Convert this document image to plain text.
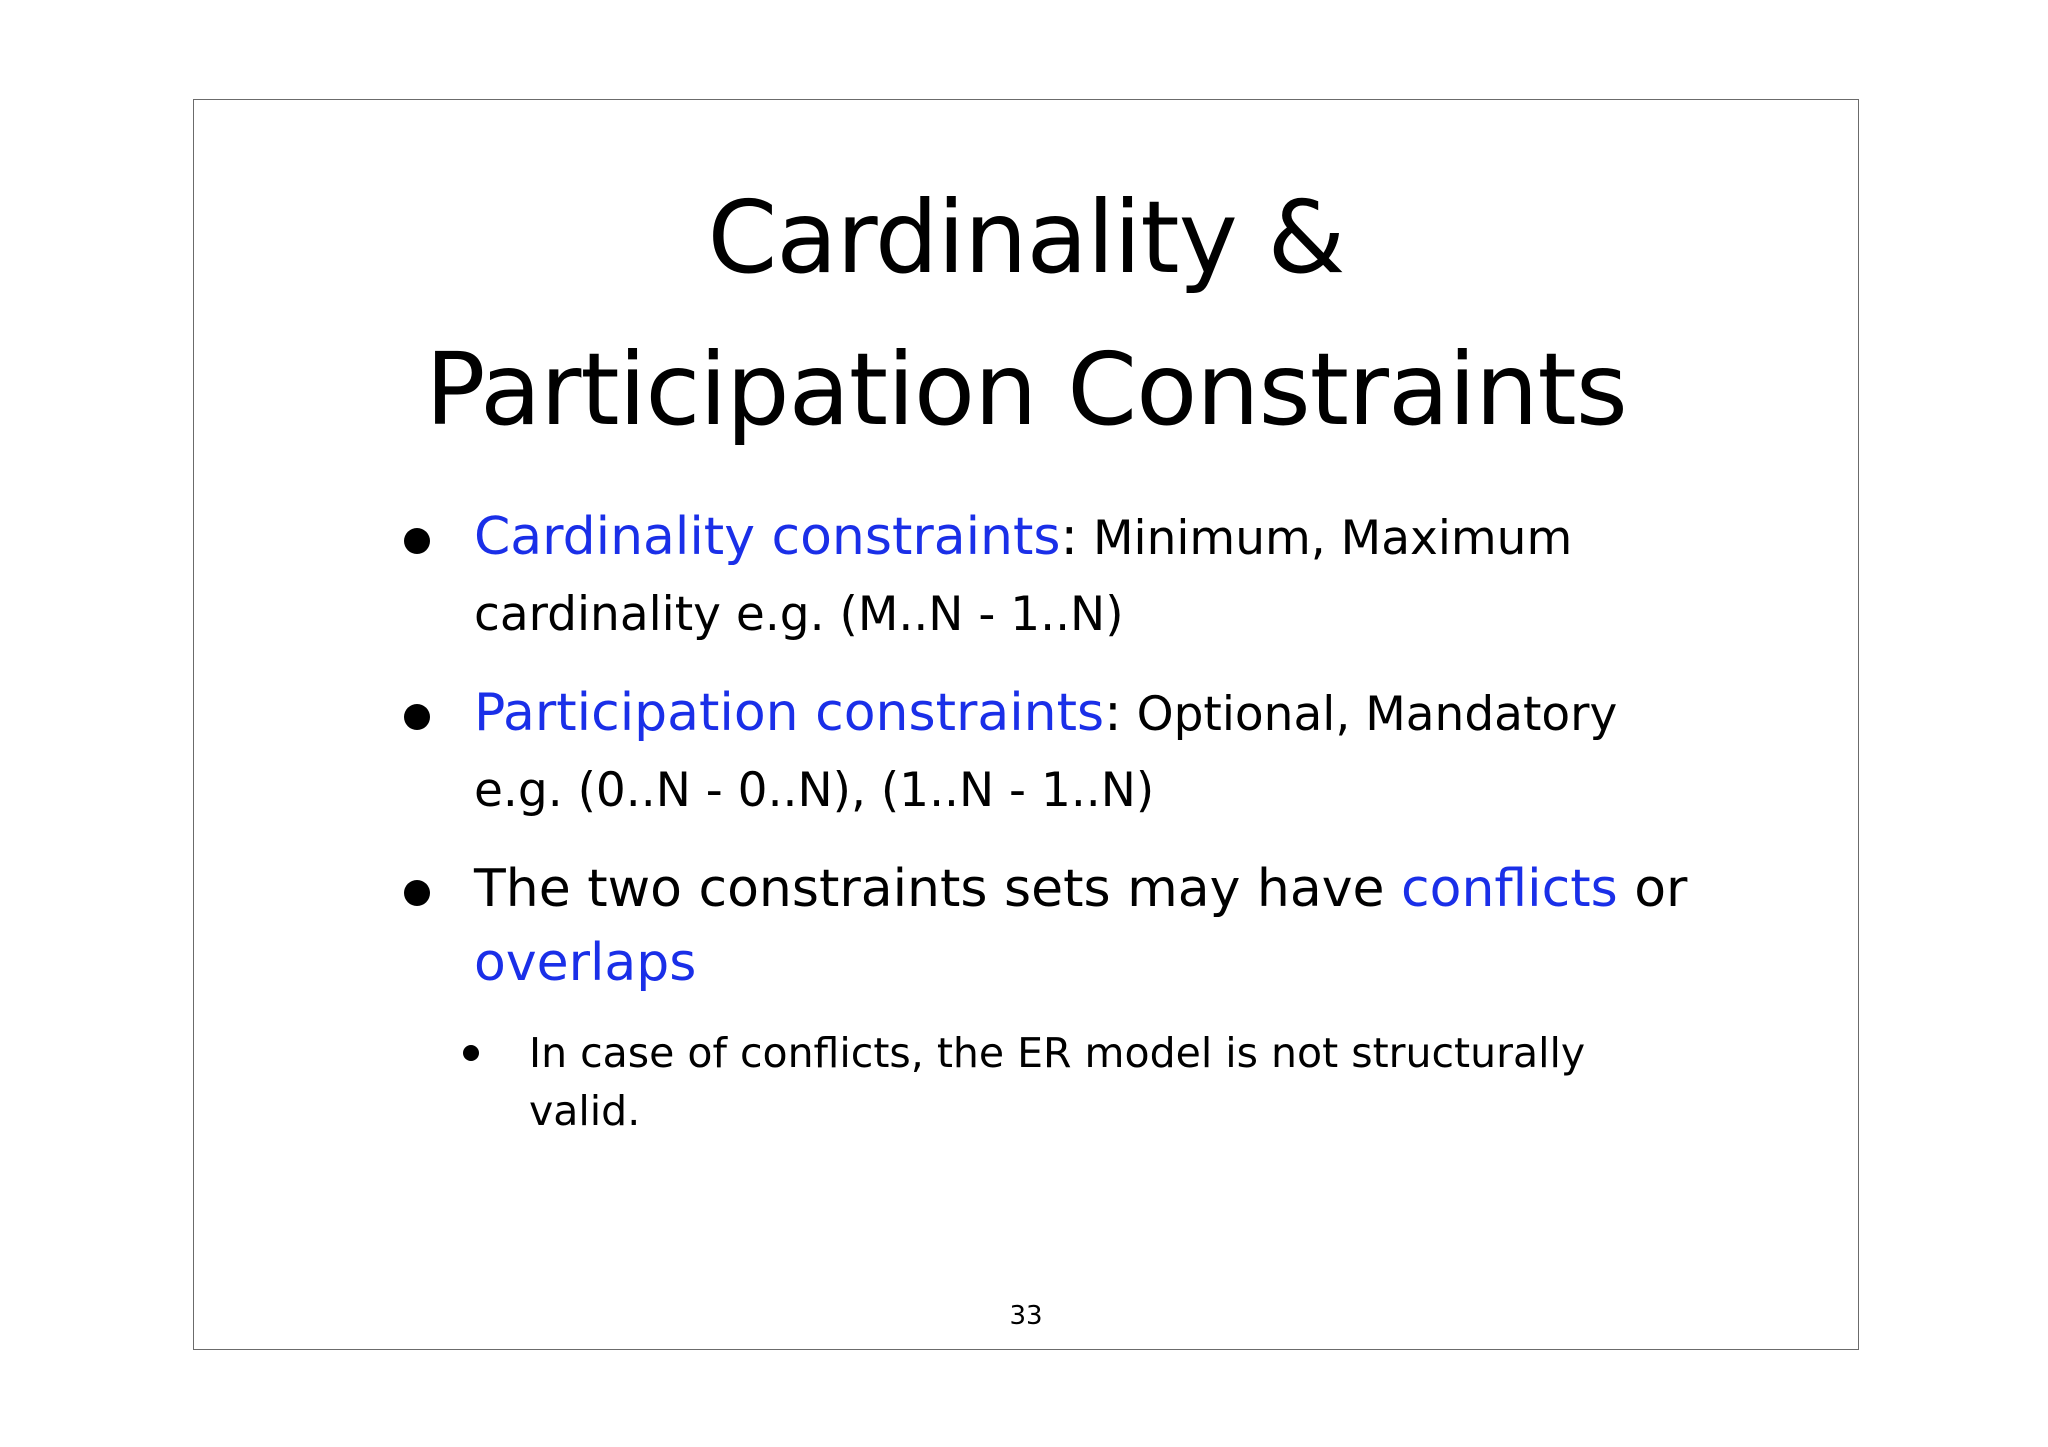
Cardinality &
Participation Constraints
Cardinality constraints: Minimum, Maximum cardinality e.g. (M..N - 1..N)
Participation constraints: Optional, Mandatory e.g. (0..N - 0..N), (1..N - 1..N)
The two constraints sets may have conflicts or overlaps
In case of conflicts, the ER model is not structurally valid.
33
